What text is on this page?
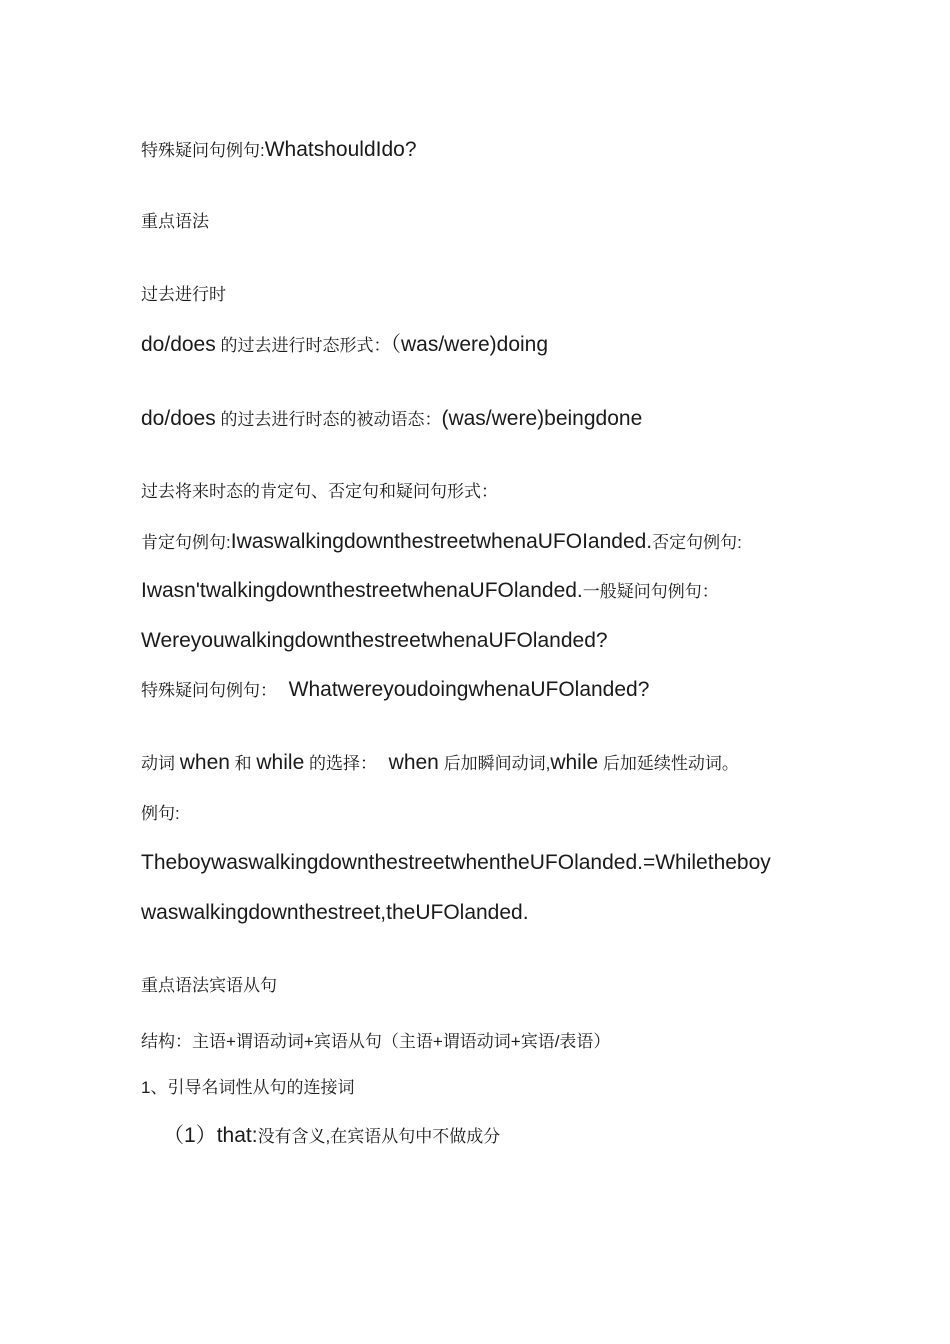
特殊疑问句例句:WhatshouldIdo?
重点语法
过去进行时
do/does 的过去进行时态形式：（was/were)doing
do/does 的过去进行时态的被动语态：(was/were)beingdone
过去将来时态的肯定句、否定句和疑问句形式：
肯定句例句:IwaswalkingdownthestreetwhenaUFOIanded.否定句例句:
Iwasn'twalkingdownthestreetwhenaUFOlanded.一般疑问句例句：
WereyouwalkingdownthestreetwhenaUFOlanded?
特殊疑问句例句：  WhatwereyoudoingwhenaUFOlanded?
动词 when 和 while 的选择：  when 后加瞬间动词,while 后加延续性动词。
例句:
TheboywaswalkingdownthestreetwhentheUFOlanded.=Whiletheboy
waswalkingdownthestreet,theUFOlanded.
重点语法宾语从句
结构：主语+谓语动词+宾语从句（主语+谓语动词+宾语/表语）
1、引导名词性从句的连接词
（1）that:没有含义,在宾语从句中不做成分
